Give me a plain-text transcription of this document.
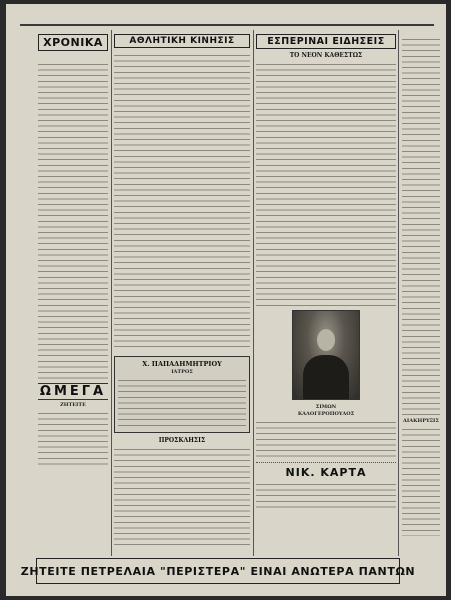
ΧΡΟΝΙΚΑ

ΩΜΕΓΑ
ΖΗΤΕΙΤΕ
ΑΘΛΗΤΙΚΗ ΚΙΝΗΣΙΣ
Χ. ΠΑΠΑΔΗΜΗΤΡΙΟΥ
ΙΑΤΡΟΣ
ΠΡΟΣΚΛΗΣΙΣ
ΕΣΠΕΡΙΝΑΙ ΕΙΔΗΣΕΙΣ
ΤΟ ΝΕΟΝ ΚΑΘΕΣΤΩΣ
ΣΙΜΩΝ
ΚΑΛΟΓΕΡΟΠΟΥΛΟΣ
ΝΙΚ. ΚΑΡΤΑ
ΔΙΑΚΗΡΥΞΙΣ
ΖΗΤΕΙΤΕ ΠΕΤΡΕΛΑΙΑ "ΠΕΡΙΣΤΕΡΑ" ΕΙΝΑΙ ΑΝΩΤΕΡΑ ΠΑΝΤΩΝ
